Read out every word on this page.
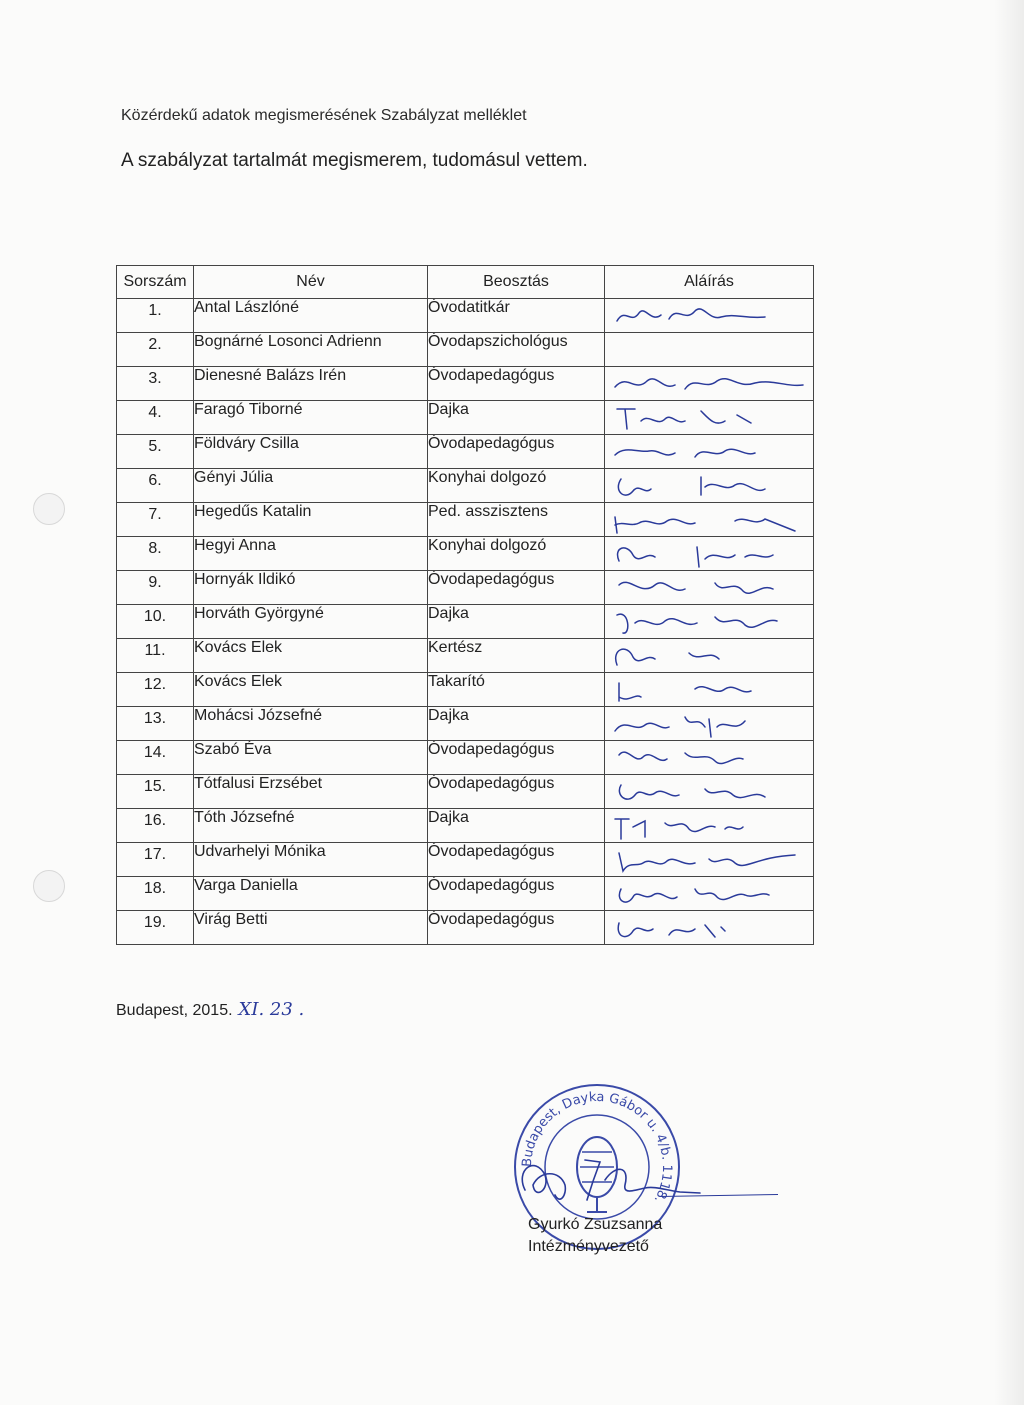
Közérdekű adatok megismerésének Szabályzat melléklet
A szabályzat tartalmát megismerem, tudomásul vettem.
Sorszám	Név	Beosztás	Aláírás
1.	Antal Lászlóné	Óvodatitkár	

2.	Bognárné Losonci Adrienn	Óvodapszichológus	
3.	Dienesné Balázs Irén	Óvodapedagógus	

4.	Faragó Tiborné	Dajka	

5.	Földváry Csilla	Óvodapedagógus	

6.	Gényi Júlia	Konyhai dolgozó	

7.	Hegedűs Katalin	Ped. asszisztens	

8.	Hegyi Anna	Konyhai dolgozó	

9.	Hornyák Ildikó	Óvodapedagógus	

10.	Horváth Györgyné	Dajka	

11.	Kovács Elek	Kertész	

12.	Kovács Elek	Takarító	

13.	Mohácsi Józsefné	Dajka	

14.	Szabó Éva	Óvodapedagógus	

15.	Tótfalusi Erzsébet	Óvodapedagógus	

16.	Tóth Józsefné	Dajka	

17.	Udvarhelyi Mónika	Óvodapedagógus	

18.	Varga Daniella	Óvodapedagógus	

19.	Virág Betti	Óvodapedagógus	
Budapest, 2015. XI. 23 .
Budapest, Dayka Gábor u. 4/b. 1118.
Gyurkó Zsuzsanna
Intézményvezető
